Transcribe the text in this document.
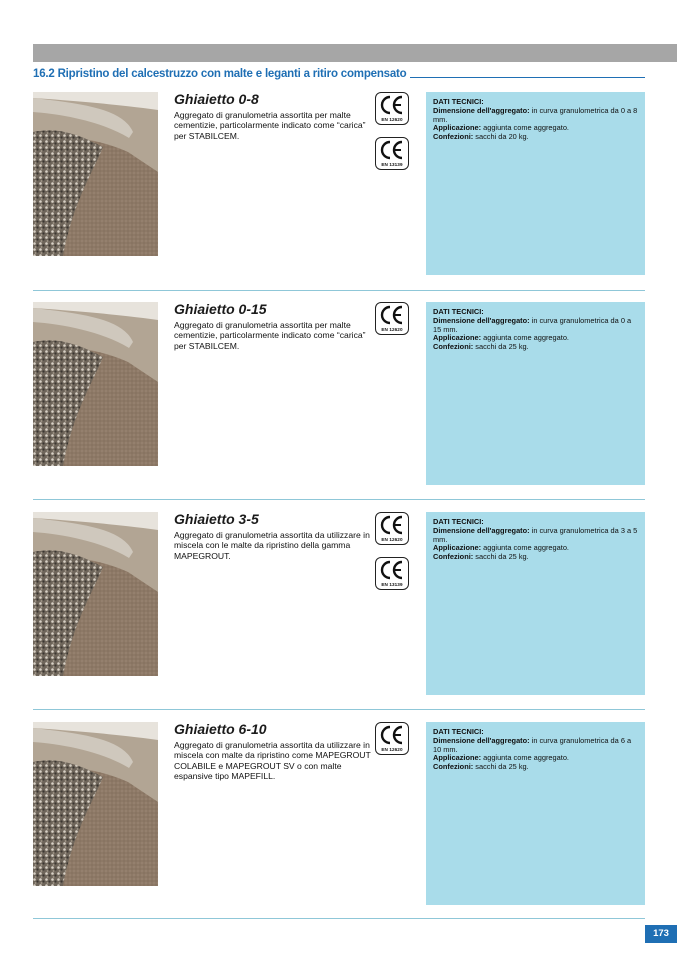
16.2 Ripristino del calcestruzzo con malte e leganti a ritiro compensato
Ghiaietto 0-8
Aggregato di granulometria assortita per malte cementizie, particolarmente indicato come “carica” per STABILCEM.
EN 12620
EN 13139
DATI TECNICI:
Dimensione dell'aggregato: in curva granulometrica da 0 a 8 mm.
Applicazione: aggiunta come aggregato.
Confezioni: sacchi da 20 kg.
Ghiaietto 0-15
Aggregato di granulometria assortita per malte cementizie, particolarmente indicato come “carica” per STABILCEM.
EN 12620
DATI TECNICI:
Dimensione dell'aggregato: in curva granulometrica da 0 a 15 mm.
Applicazione: aggiunta come aggregato.
Confezioni: sacchi da 25 kg.
Ghiaietto 3-5
Aggregato di granulometria assortita da utilizzare in miscela con le malte da ripristino della gamma MAPEGROUT.
EN 12620
EN 13139
DATI TECNICI:
Dimensione dell'aggregato: in curva granulometrica da 3 a 5 mm.
Applicazione: aggiunta come aggregato.
Confezioni: sacchi da 25 kg.
Ghiaietto 6-10
Aggregato di granulometria assortita da utilizzare in miscela con malte da ripristino come MAPEGROUT COLABILE e MAPEGROUT SV o con malte espansive tipo MAPEFILL.
EN 12620
DATI TECNICI:
Dimensione dell'aggregato: in curva granulometrica da 6 a 10 mm.
Applicazione: aggiunta come aggregato.
Confezioni: sacchi da 25 kg.
173
